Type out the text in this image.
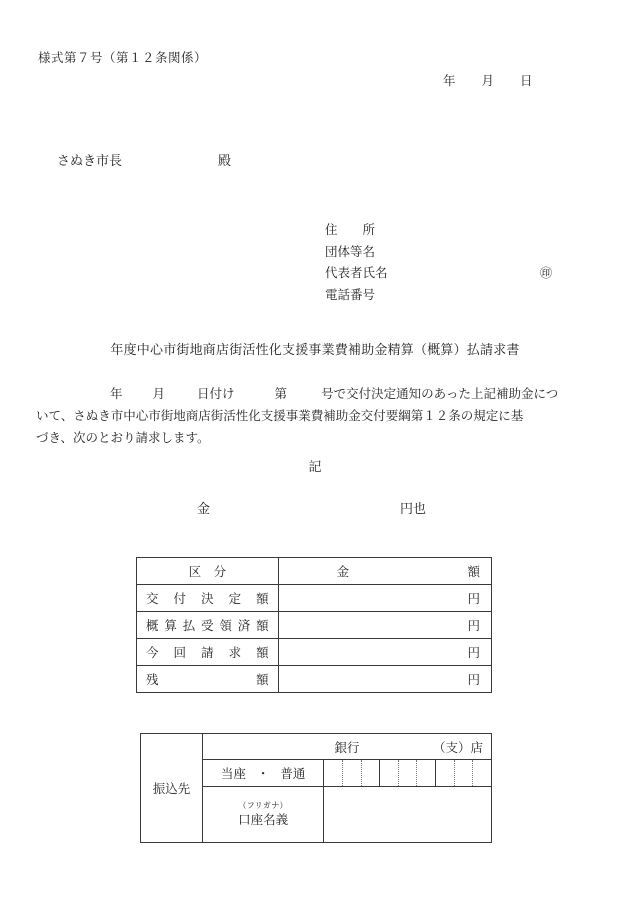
様式第７号（第１２条関係）
年 月 日
さぬき市長	殿
住　　所
団体等名
代表者氏名	㊞
電話番号
年度中心市街地商店街活性化支援事業費補助金精算（概算）払請求書
年 月	日付け	第	号で交付決定通知のあった上記補助金につ
いて、さぬき市中心市街地商店街活性化支援事業費補助金交付要綱第１２条の規定に基
づき、次のとおり請求します。
記
金	円也
区　分	金 額

交付決定額	円

概算払受領済額	円

今回請求額	円

残　　額	円
振込先	銀行 （支）店			

	当座 ・ 普通	

	（フリガナ）
口座名義			
